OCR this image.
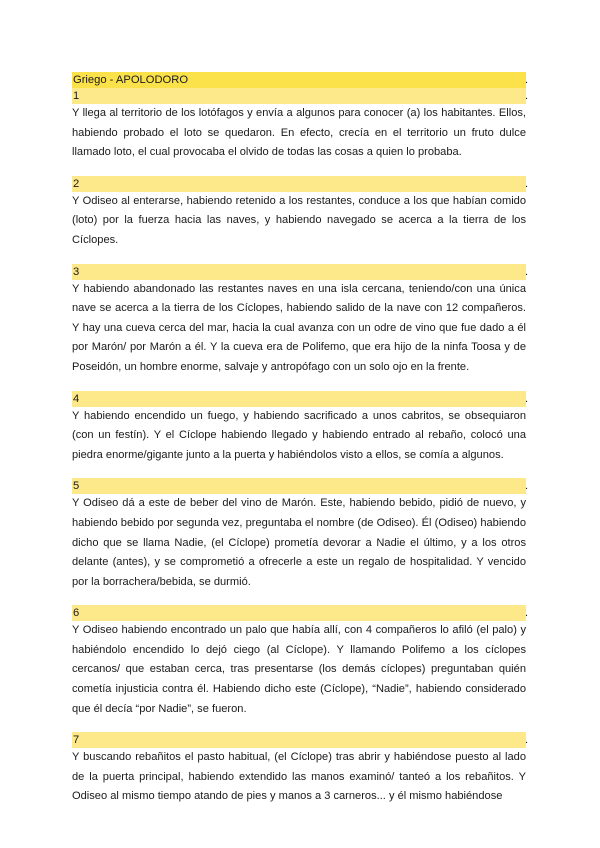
Griego - APOLODORO	.
1	.
Y llega al territorio de los lotófagos y envía a algunos para conocer (a) los habitantes. Ellos, habiendo probado el loto se quedaron. En efecto, crecía en el territorio un fruto dulce llamado loto, el cual provocaba el olvido de todas las cosas a quien lo probaba.
2	.
Y Odiseo al enterarse, habiendo retenido a los restantes, conduce a los que habían comido (loto) por la fuerza hacia las naves, y habiendo navegado se acerca a la tierra de los Cíclopes.
3	.
Y habiendo abandonado las restantes naves en una isla cercana, teniendo/con una única nave se acerca a la tierra de los Cíclopes, habiendo salido de la nave con 12 compañeros. Y hay una cueva cerca del mar, hacia la cual avanza con un odre de vino que fue dado a él por Marón/ por Marón a él. Y la cueva era de Polifemo, que era hijo de la ninfa Toosa y de Poseidón, un hombre enorme, salvaje y antropófago con un solo ojo en la frente.
4	.
Y habiendo encendido un fuego, y habiendo sacrificado a unos cabritos, se obsequiaron (con un festín). Y el Cíclope habiendo llegado y habiendo entrado al rebaño, colocó una piedra enorme/gigante junto a la puerta y habiéndolos visto a ellos, se comía a algunos.
5	.
Y Odiseo dá a este de beber del vino de Marón. Este, habiendo bebido, pidió de nuevo, y habiendo bebido por segunda vez, preguntaba el nombre (de Odiseo). Él (Odiseo) habiendo dicho que se llama Nadie, (el Cíclope) prometía devorar a Nadie el último, y a los otros delante (antes), y se comprometió a ofrecerle a este un regalo de hospitalidad. Y vencido por la borrachera/bebida, se durmió.
6	.
Y Odiseo habiendo encontrado un palo que había allí, con 4 compañeros lo afiló (el palo) y habiéndolo encendido lo dejó ciego (al Cíclope). Y llamando Polifemo a los cíclopes cercanos/ que estaban cerca, tras presentarse (los demás cíclopes) preguntaban quién cometía injusticia contra él. Habiendo dicho este (Cíclope), “Nadie”, habiendo considerado que él decía “por Nadie”, se fueron.
7	.
Y buscando rebañitos el pasto habitual, (el Cíclope) tras abrir y habiéndose puesto al lado de la puerta principal, habiendo extendido las manos examinó/ tanteó a los rebañitos. Y Odiseo al mismo tiempo atando de pies y manos a 3 carneros... y él mismo habiéndose
